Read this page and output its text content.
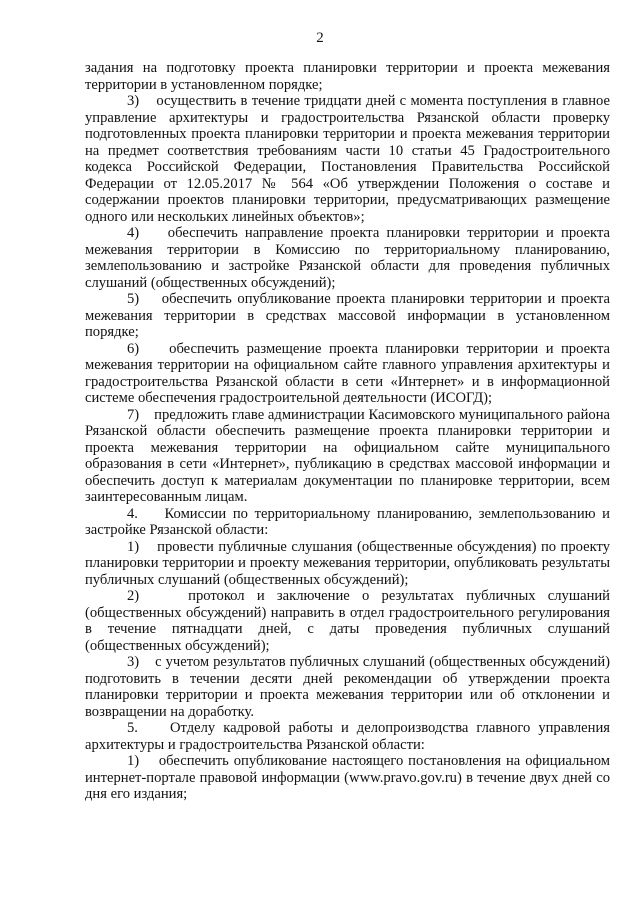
2

задания на подготовку проекта планировки территории и проекта межевания территории в установленном порядке;

3)    осуществить в течение тридцати дней с момента поступления в главное управление архитектуры и градостроительства Рязанской области проверку подготовленных проекта планировки территории и проекта межевания территории на предмет соответствия требованиям части 10 статьи 45 Градостроительного кодекса Российской Федерации, Постановления Правительства Российской Федерации от 12.05.2017 № 564 «Об утверждении Положения о составе и содержании проектов планировки территории, предусматривающих размещение одного или нескольких линейных объектов»;

4)    обеспечить направление проекта планировки территории и проекта межевания территории в Комиссию по территориальному планированию, землепользованию и застройке Рязанской области для проведения публичных слушаний (общественных обсуждений);

5)    обеспечить опубликование проекта планировки территории и проекта межевания территории в средствах массовой информации в установленном порядке;

6)    обеспечить размещение проекта планировки территории и проекта межевания территории на официальном сайте главного управления архитектуры и градостроительства Рязанской области в сети «Интернет» и в информационной системе обеспечения градостроительной деятельности (ИСОГД);

7)    предложить главе администрации Касимовского муниципального района Рязанской области обеспечить размещение проекта планировки территории и проекта межевания территории на официальном сайте муниципального образования в сети «Интернет», публикацию в средствах массовой информации и обеспечить доступ к материалам документации по планировке территории, всем заинтересованным лицам.

4.    Комиссии по территориальному планированию, землепользованию и застройке Рязанской области:

1)    провести публичные слушания (общественные обсуждения) по проекту планировки территории и проекту межевания территории, опубликовать результаты публичных слушаний (общественных обсуждений);

2)    протокол и заключение о результатах публичных слушаний (общественных обсуждений) направить в отдел градостроительного регулирования в течение пятнадцати дней, с даты проведения публичных слушаний (общественных обсуждений);

3)    с учетом результатов публичных слушаний (общественных обсуждений) подготовить в течении десяти дней рекомендации об утверждении проекта планировки территории и проекта межевания территории или об отклонении и возвращении на доработку.

5.    Отделу кадровой работы и делопроизводства главного управления архитектуры и градостроительства Рязанской области:

1)    обеспечить опубликование настоящего постановления на официальном интернет-портале правовой информации (www.pravo.gov.ru) в течение двух дней со дня его издания;
